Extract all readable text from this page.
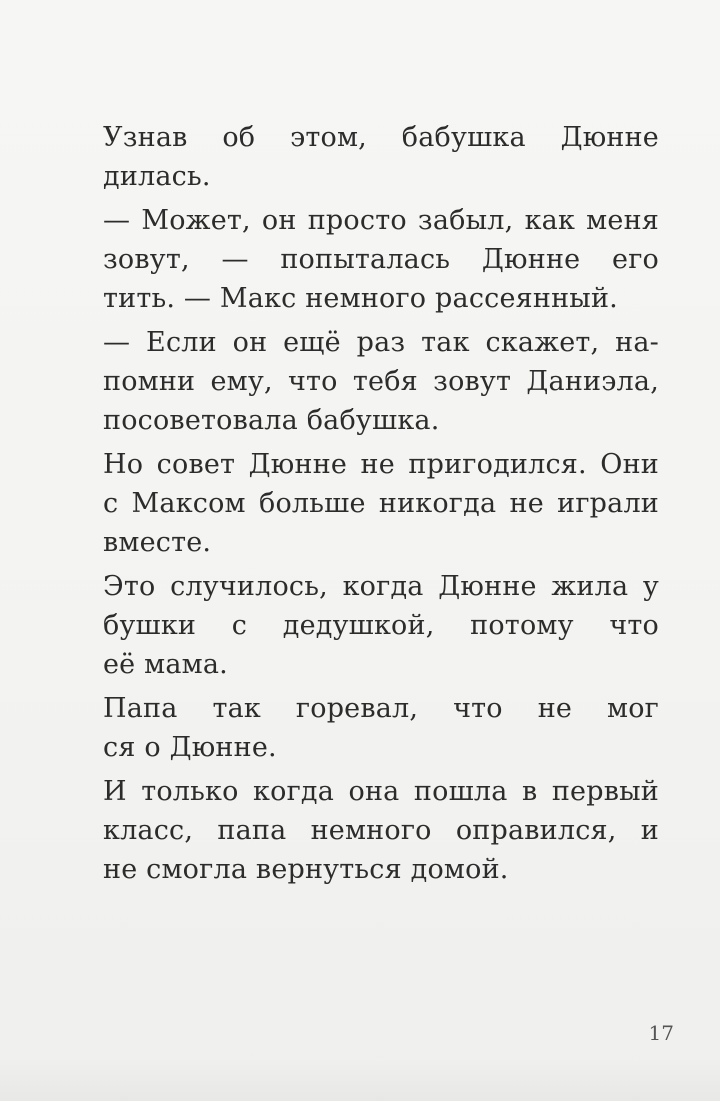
Узнав об этом, бабушка Дюнне
дилась.
— Может, он просто забыл, как меня
зовут, — попыталась Дюнне его
тить. — Макс немного рассеянный.
— Если он ещё раз так скажет, на-
помни ему, что тебя зовут Даниэла,
посоветовала бабушка.
Но совет Дюнне не пригодился. Они
с Максом больше никогда не играли
вместе.
Это случилось, когда Дюнне жила у
бушки с дедушкой, потому что
её мама.
Папа так горевал, что не мог
ся о Дюнне.
И только когда она пошла в первый
класс, папа немного оправился, и
не смогла вернуться домой.
17
